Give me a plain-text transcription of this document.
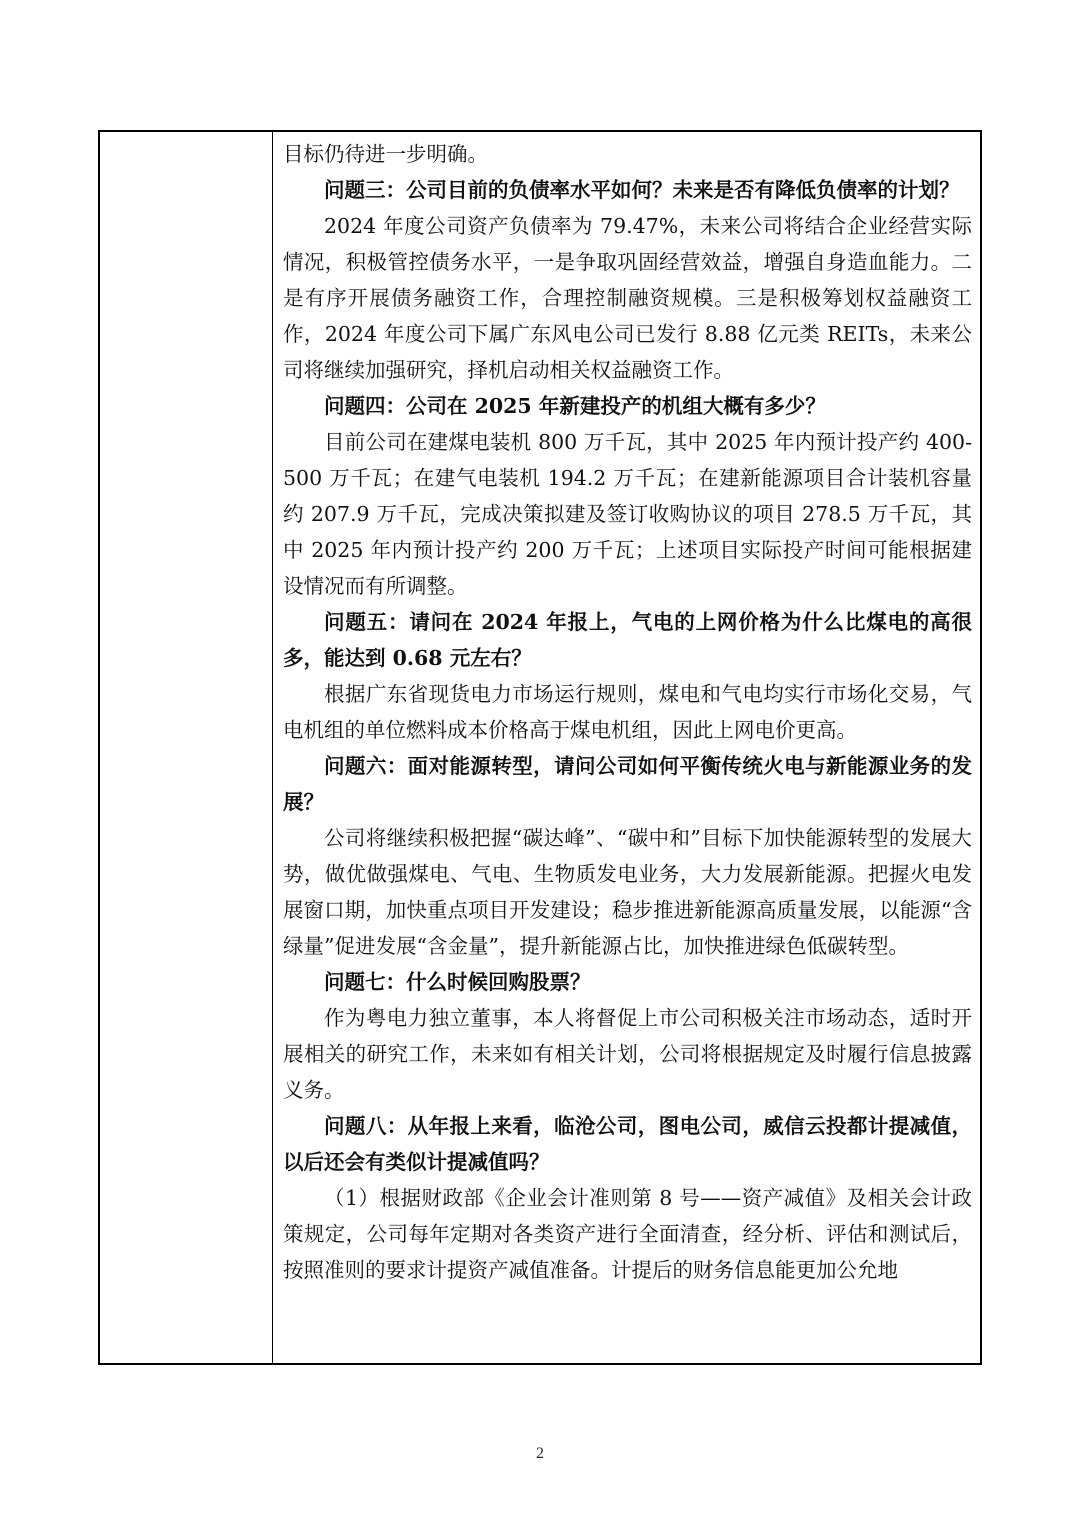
目标仍待进一步明确。

问题三：公司目前的负债率水平如何？未来是否有降低负债率的计划？

2024 年度公司资产负债率为 79.47%，未来公司将结合企业经营实际情况，积极管控债务水平，一是争取巩固经营效益，增强自身造血能力。二是有序开展债务融资工作，合理控制融资规模。三是积极筹划权益融资工作，2024 年度公司下属广东风电公司已发行 8.88 亿元类 REITs，未来公司将继续加强研究，择机启动相关权益融资工作。

问题四：公司在 2025 年新建投产的机组大概有多少？

目前公司在建煤电装机 800 万千瓦，其中 2025 年内预计投产约 400-500 万千瓦；在建气电装机 194.2 万千瓦；在建新能源项目合计装机容量约 207.9 万千瓦，完成决策拟建及签订收购协议的项目 278.5 万千瓦，其中 2025 年内预计投产约 200 万千瓦；上述项目实际投产时间可能根据建设情况而有所调整。

问题五：请问在 2024 年报上，气电的上网价格为什么比煤电的高很多，能达到 0.68 元左右？

根据广东省现货电力市场运行规则，煤电和气电均实行市场化交易，气电机组的单位燃料成本价格高于煤电机组，因此上网电价更高。

问题六：面对能源转型，请问公司如何平衡传统火电与新能源业务的发展？

公司将继续积极把握“碳达峰”、“碳中和”目标下加快能源转型的发展大势，做优做强煤电、气电、生物质发电业务，大力发展新能源。把握火电发展窗口期，加快重点项目开发建设；稳步推进新能源高质量发展，以能源“含绿量”促进发展“含金量”，提升新能源占比，加快推进绿色低碳转型。

问题七：什么时候回购股票？

作为粤电力独立董事，本人将督促上市公司积极关注市场动态，适时开展相关的研究工作，未来如有相关计划，公司将根据规定及时履行信息披露义务。

问题八：从年报上来看，临沧公司，图电公司，威信云投都计提减值，以后还会有类似计提减值吗？

（1）根据财政部《企业会计准则第 8 号——资产减值》及相关会计政策规定，公司每年定期对各类资产进行全面清查，经分析、评估和测试后，按照准则的要求计提资产减值准备。计提后的财务信息能更加公允地

2
